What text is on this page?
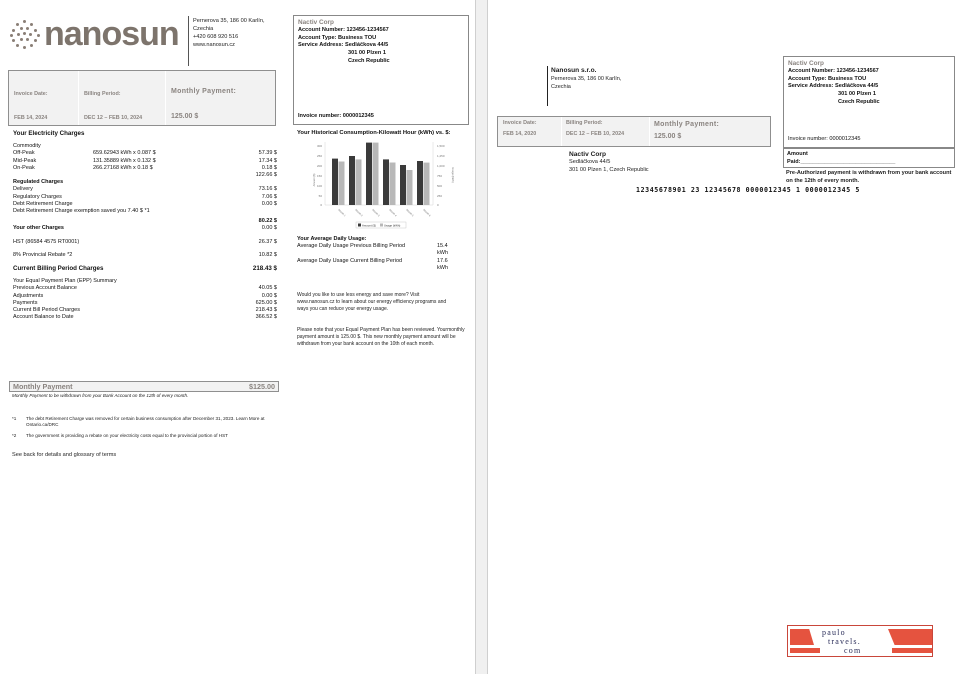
nanosun	Pernerova 35, 186 00 Karlín,
Czechia
+420 608 920 516
www.nanosun.cz
Nactiv Corp
Account Number: 123456-1234567
Account Type: Business TOU
Service Address: Sedláčkova 44/5
301 00 Plzen 1
Czech Republic
Invoice number: 0000012345
Invoice Date:
FEB 14, 2024
Billing Period:
DEC 12 – FEB 10, 2024
Monthly Payment:
125.00 $
Your Electricity Charges
Commodity
Off-Peak	659.62943 kWh x 0.087 $	57.39 $
Mid-Peak	131.35889 kWh x 0.132 $	17.34 $
On-Peak	266.27168 kWh x 0.18 $	0.18 $
122.66 $
Regulated Charges
Delivery	73.16 $
Regulatory Charges	7.06 $
Debt Retirement Charge	0.00 $
Debt Retirement Charge exemption saved you 7.40 $ *1
80.22 $
Your other Charges	0.00 $
HST (86584 4575 RT0001)	26.37 $
8% Provincial Rebate *2	10.82 $
Current Billing Period Charges	218.43 $
Your Equal Payment Plan (EPP) Summary
Previous Account Balance	40.05 $
Adjustments	0.00 $
Payments	625.00 $
Current Bill Period Charges	218.43 $
Account Balance to Date	366.52 $
Monthly Payment	$125.00
Monthly Payment to be withdrawn from your Bank Account on the 12th of every month.
*1	The debt Retirement Charge was removed for certain business consumption after December 31, 2023. Learn More at Ontario.ca/DRC
*2	The government is providing a rebate on your electricity costs equal to the provincial portion of HST
See back for details and glossary of terms
Your Historical Consumption-Kilowatt Hour (kWh) vs. $:
300
250
200
150
100
50
0
1,500
1,250
1,000
750
500
250
0
Amount ($)	Usage (kWh)
Month 1	Month 2	Month 3	Month 4	Month 5	Month 6
Amount ($)	Usage (kWh)
Your Average Daily Usage:
Average Daily Usage Previous Billing Period	15.4
kWh
Average Daily Usage Current Billing Period	17.6
kWh
Would you like to use less energy and save more? Visit www.nanosun.cz to learn about our energy efficiency programs and ways you can reduce your energy usage.
Please note that your Equal Payment Plan has been reviewed. Yourmonthly payment amount is 125.00 $. This new monthly payment amount will be withdrawn from your bank account on the 10th of each month.
Nanosun s.r.o.
Pernerova 35, 186 00 Karlín,
Czechia
Nactiv Corp
Account Number: 123456-1234567
Account Type: Business TOU
Service Address: Sedláčkova 44/5
301 00 Plzen 1
Czech Republic
Invoice number: 0000012345
Invoice Date:
FEB 14, 2020
Billing Period:
DEC 12 – FEB 10, 2024
Monthly Payment:
125.00 $
Nactiv Corp
Sedláčkova 44/5
301 00 Plzen 1, Czech Republic
Amount
Paid:_______________________________
Pre-Authorized payment is withdrawn from your bank account on the 12th of every month.
12345678901 23 12345678 0000012345 1 0000012345 5
paulo
travels.
com
